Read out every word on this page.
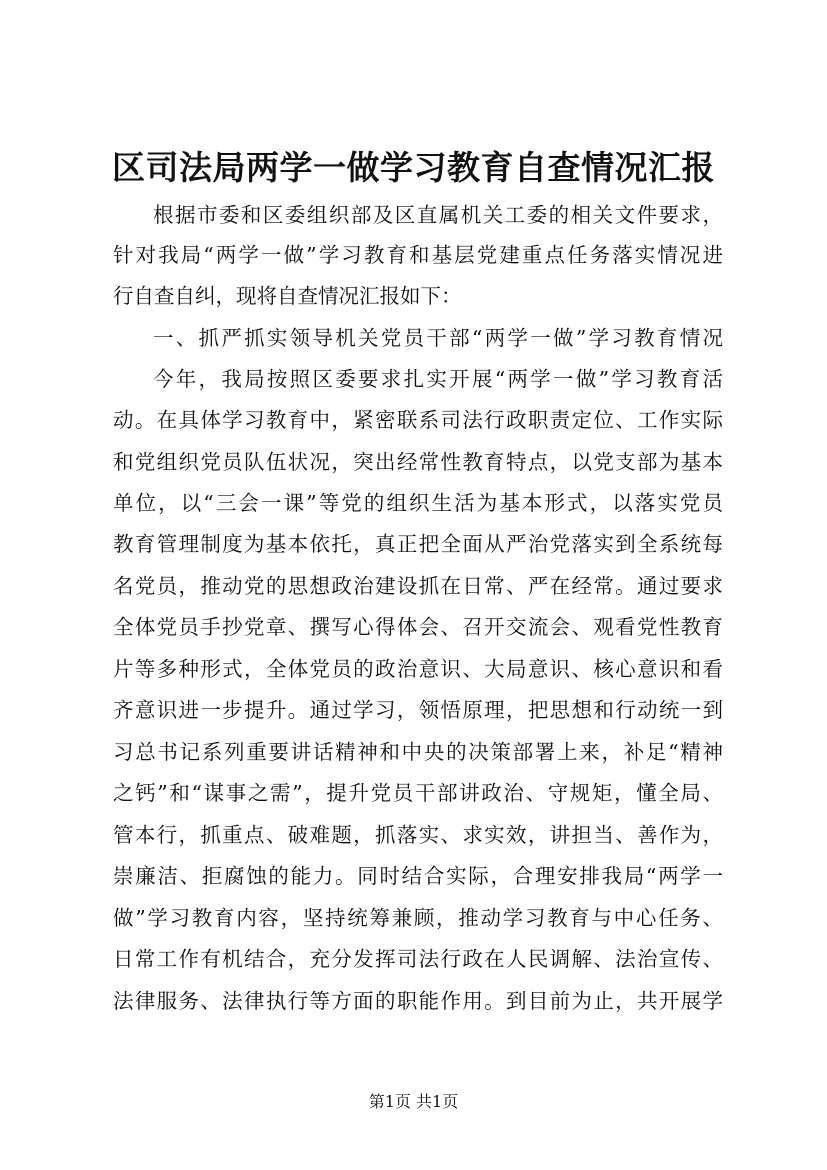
区司法局两学一做学习教育自查情况汇报
根据市委和区委组织部及区直属机关工委的相关文件要求，
针对我局“两学一做”学习教育和基层党建重点任务落实情况进
行自查自纠，现将自查情况汇报如下：
一、抓严抓实领导机关党员干部“两学一做”学习教育情况
今年，我局按照区委要求扎实开展“两学一做”学习教育活
动。在具体学习教育中，紧密联系司法行政职责定位、工作实际
和党组织党员队伍状况，突出经常性教育特点，以党支部为基本
单位，以“三会一课”等党的组织生活为基本形式，以落实党员
教育管理制度为基本依托，真正把全面从严治党落实到全系统每
名党员，推动党的思想政治建设抓在日常、严在经常。通过要求
全体党员手抄党章、撰写心得体会、召开交流会、观看党性教育
片等多种形式，全体党员的政治意识、大局意识、核心意识和看
齐意识进一步提升。通过学习，领悟原理，把思想和行动统一到
习总书记系列重要讲话精神和中央的决策部署上来，补足“精神
之钙”和“谋事之需”，提升党员干部讲政治、守规矩，懂全局、
管本行，抓重点、破难题，抓落实、求实效，讲担当、善作为，
崇廉洁、拒腐蚀的能力。同时结合实际，合理安排我局“两学一
做”学习教育内容，坚持统筹兼顾，推动学习教育与中心任务、
日常工作有机结合，充分发挥司法行政在人民调解、法治宣传、
法律服务、法律执行等方面的职能作用。到目前为止，共开展学
第1页 共1页
